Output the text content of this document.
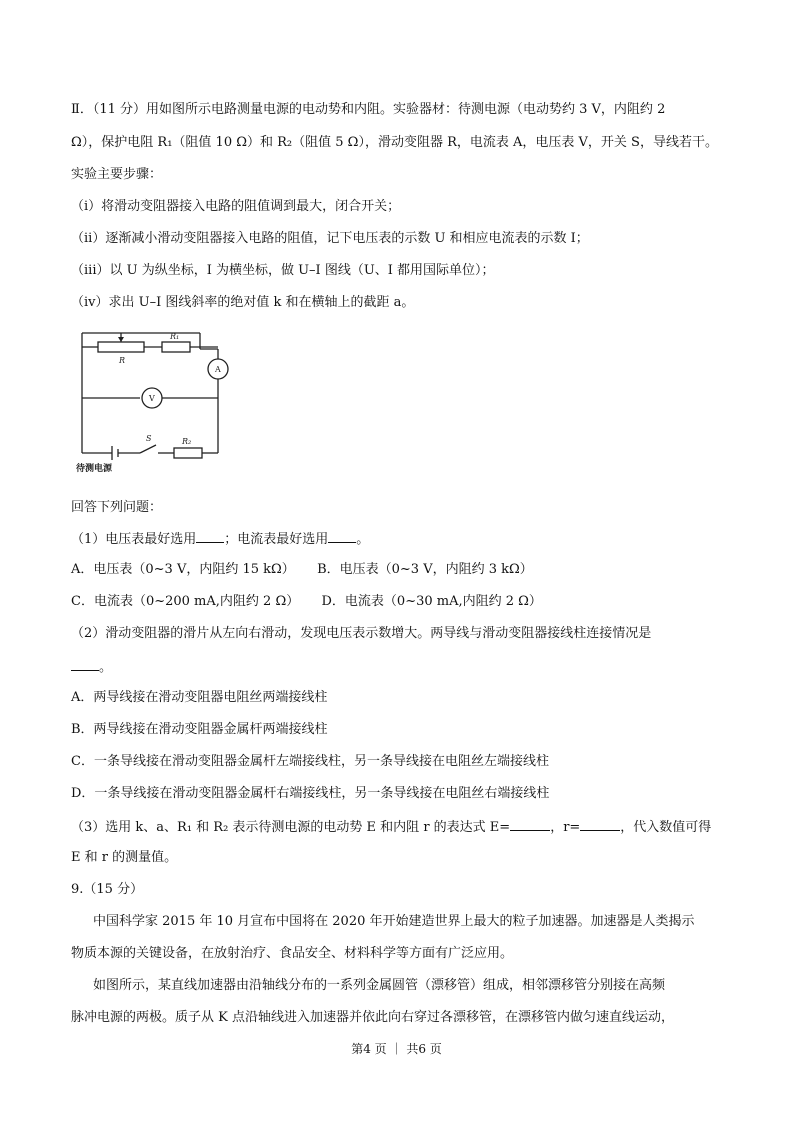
Ⅱ．（11 分）用如图所示电路测量电源的电动势和内阻。实验器材：待测电源（电动势约 3 V，内阻约 2
Ω），保护电阻 R₁（阻值 10 Ω）和 R₂（阻值 5 Ω），滑动变阻器 R，电流表 A，电压表 V，开关 S，导线若干。
实验主要步骤：
（i）将滑动变阻器接入电路的阻值调到最大，闭合开关；
（ii）逐渐减小滑动变阻器接入电路的阻值，记下电压表的示数 U 和相应电流表的示数 I；
（iii）以 U 为纵坐标，I 为横坐标，做 U–I 图线（U、I 都用国际单位）；
（iv）求出 U–I 图线斜率的绝对值 k 和在横轴上的截距 a。
R
R₁
R₂
A
V
S
待测电源
回答下列问题：
（1）电压表最好选用 ；电流表最好选用 。
A．电压表（0~3 V，内阻约 15 kΩ） B．电压表（0~3 V，内阻约 3 kΩ）
C．电流表（0~200 mA,内阻约 2 Ω） D．电流表（0~30 mA,内阻约 2 Ω）
（2）滑动变阻器的滑片从左向右滑动，发现电压表示数增大。两导线与滑动变阻器接线柱连接情况是
。
A．两导线接在滑动变阻器电阻丝两端接线柱
B．两导线接在滑动变阻器金属杆两端接线柱
C．一条导线接在滑动变阻器金属杆左端接线柱，另一条导线接在电阻丝左端接线柱
D．一条导线接在滑动变阻器金属杆右端接线柱，另一条导线接在电阻丝右端接线柱
（3）选用 k、a、R₁ 和 R₂ 表示待测电源的电动势 E 和内阻 r 的表达式 E=	，r=	，代入数值可得
E 和 r 的测量值。
9.（15 分）
中国科学家 2015 年 10 月宣布中国将在 2020 年开始建造世界上最大的粒子加速器。加速器是人类揭示
物质本源的关键设备，在放射治疗、食品安全、材料科学等方面有广泛应用。
如图所示，某直线加速器由沿轴线分布的一系列金属圆管（漂移管）组成，相邻漂移管分别接在高频
脉冲电源的两极。质子从 K 点沿轴线进入加速器并依此向右穿过各漂移管，在漂移管内做匀速直线运动，
第4 页 ｜ 共6 页
